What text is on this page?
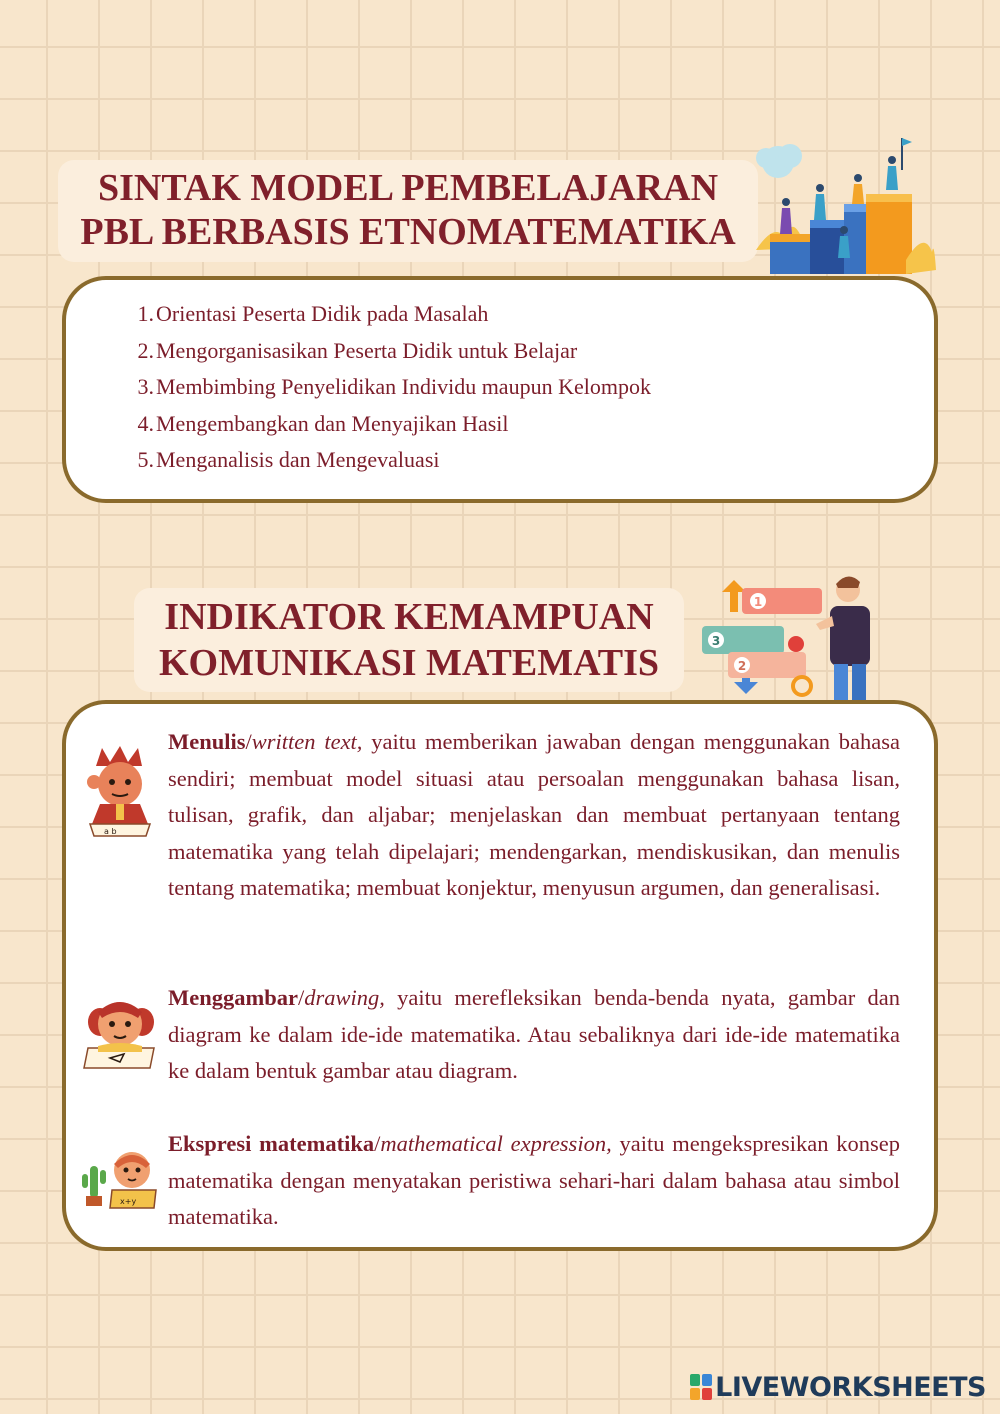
SINTAK MODEL PEMBELAJARAN
PBL BERBASIS ETNOMATEMATIKA
1.Orientasi Peserta Didik pada Masalah
2.Mengorganisasikan Peserta Didik untuk Belajar
3.Membimbing Penyelidikan Individu maupun Kelompok
4.Mengembangkan dan Menyajikan Hasil
5.Menganalisis dan Mengevaluasi
INDIKATOR KEMAMPUAN
KOMUNIKASI MATEMATIS
1
3
2
a b
Menulis/written text, yaitu memberikan jawaban dengan menggunakan bahasa sendiri; membuat model situasi atau persoalan menggunakan bahasa lisan, tulisan, grafik, dan aljabar; menjelaskan dan membuat pertanyaan tentang matematika yang telah dipelajari; mendengarkan, mendiskusikan, dan menulis tentang matematika; membuat konjektur, menyusun argumen, dan generalisasi.
Menggambar/drawing, yaitu merefleksikan benda-benda nyata, gambar dan diagram ke dalam ide-ide matematika. Atau sebaliknya dari ide-ide matematika ke dalam bentuk gambar atau diagram.
x+y
Ekspresi matematika/mathematical expression, yaitu mengekspresikan konsep matematika dengan menyatakan peristiwa sehari-hari dalam bahasa atau simbol matematika.
LIVEWORKSHEETS
